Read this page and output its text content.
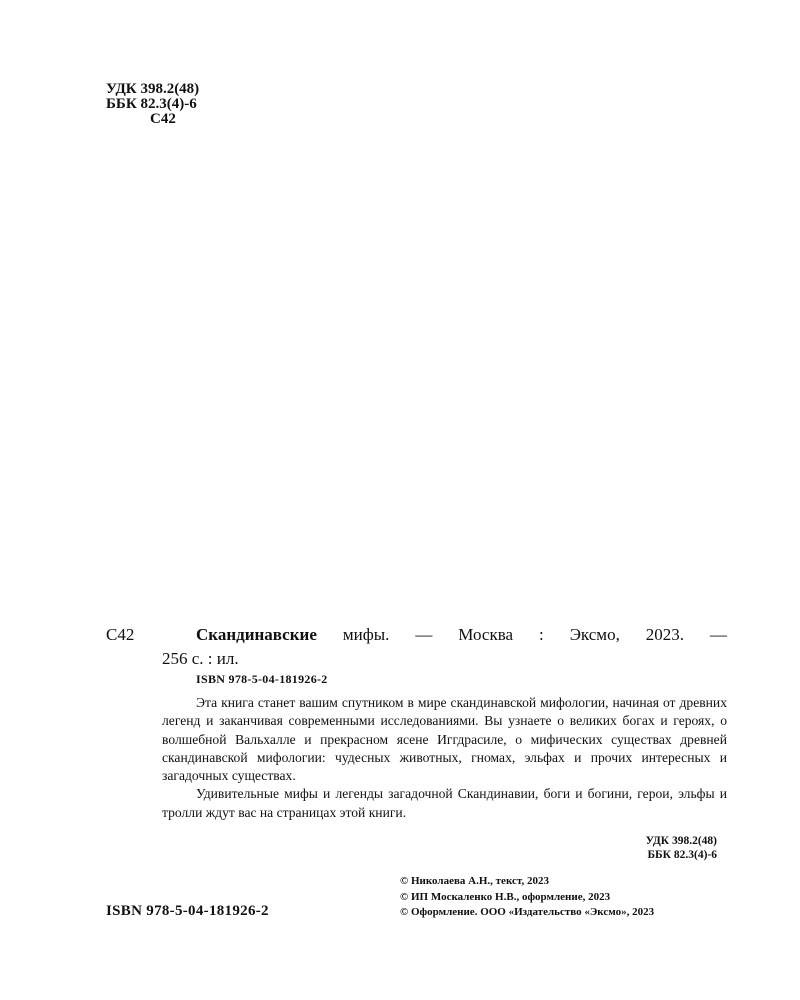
УДК 398.2(48)
ББК 82.3(4)-6
С42
С42	Скандинавские мифы. — Москва : Эксмо, 2023. —
256 с. : ил.
ISBN 978-5-04-181926-2

Эта книга станет вашим спутником в мире скандинавской мифологии, начиная от древних легенд и заканчивая современными исследованиями. Вы узнаете о великих богах и героях, о волшебной Вальхалле и прекрасном ясене Иггдрасиле, о мифических существах древней скандинавской мифологии: чудесных животных, гномах, эльфах и прочих интересных и загадочных существах.

Удивительные мифы и легенды загадочной Скандинавии, боги и богини, герои, эльфы и тролли ждут вас на страницах этой книги.

УДК 398.2(48)
ББК 82.3(4)-6
ISBN 978-5-04-181926-2
© Николаева А.Н., текст, 2023
© ИП Москаленко Н.В., оформление, 2023
© Оформление. ООО «Издательство «Эксмо», 2023
